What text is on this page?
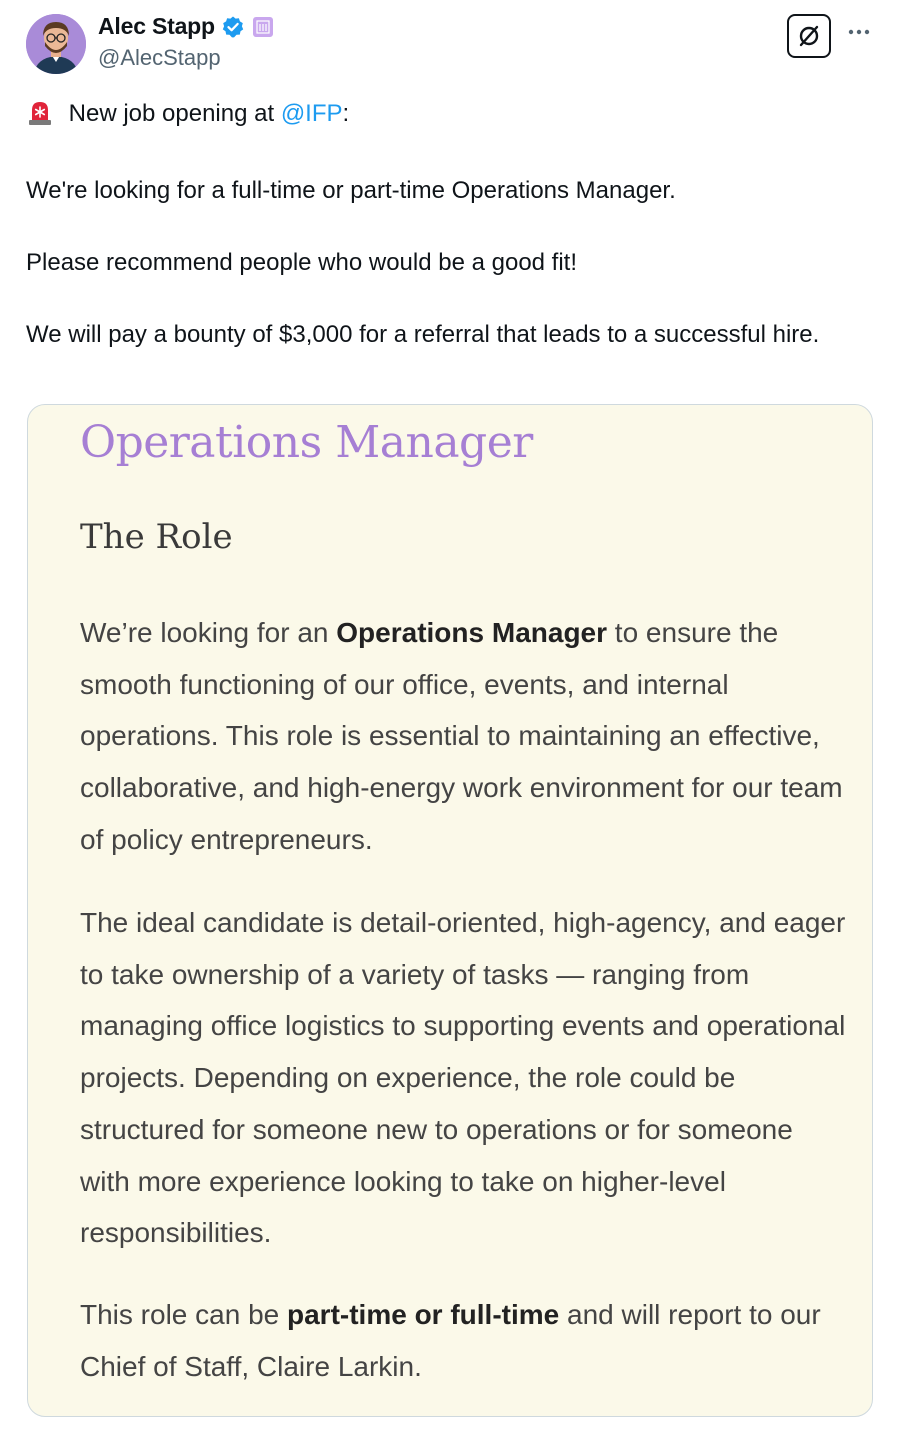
Alec Stapp
@AlecStapp

New job opening at @IFP:

We're looking for a full-time or part-time Operations Manager.

Please recommend people who would be a good fit!

We will pay a bounty of $3,000 for a referral that leads to a successful hire.

Operations Manager
The Role
We’re looking for an Operations Manager to ensure the smooth functioning of our office, events, and internal operations. This role is essential to maintaining an effective, collaborative, and high-energy work environment for our team of policy entrepreneurs.
The ideal candidate is detail-oriented, high-agency, and eager to take ownership of a variety of tasks — ranging from managing office logistics to supporting events and operational projects. Depending on experience, the role could be structured for someone new to operations or for someone with more experience looking to take on higher-level responsibilities.
This role can be part-time or full-time and will report to our Chief of Staff, Claire Larkin.
